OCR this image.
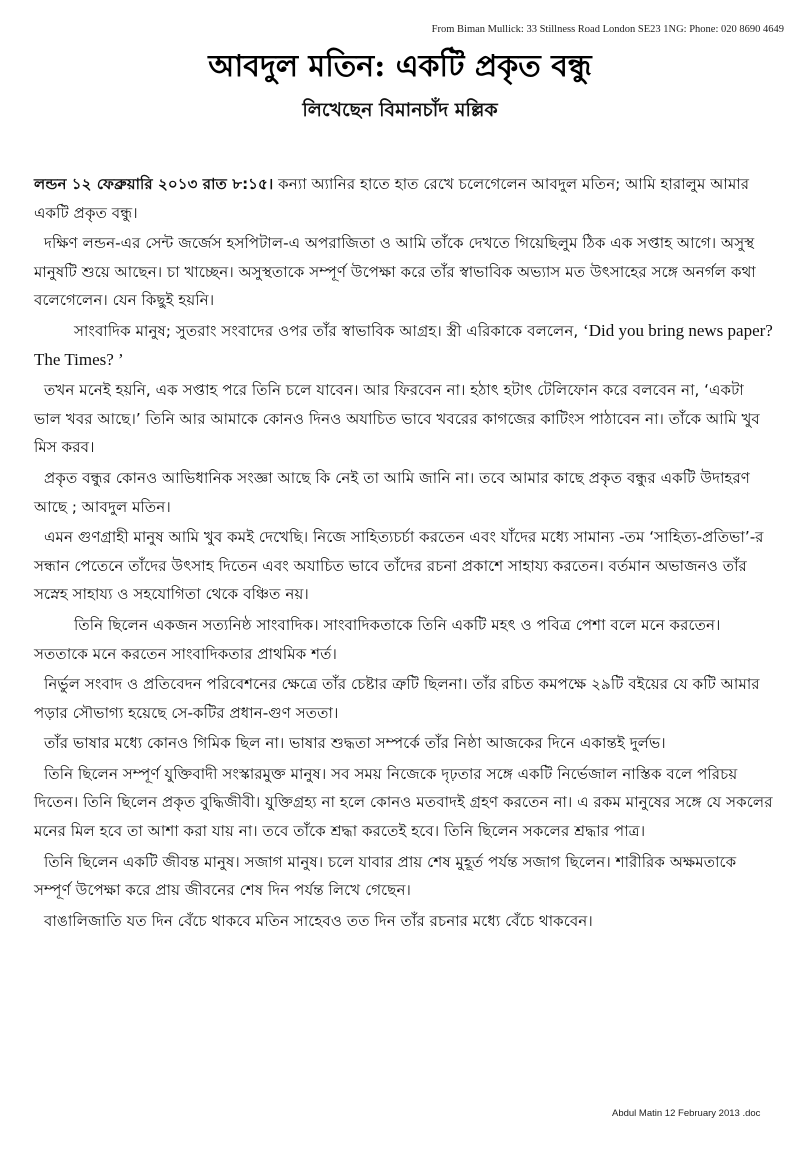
From Biman Mullick: 33 Stillness Road London SE23 1NG: Phone: 020 8690 4649
আবদুল মতিন: একটি প্রকৃত বন্ধু
লিখেছেন বিমানচাঁদ মল্লিক

লন্ডন ১২ ফেব্রুয়ারি ২০১৩ রাত ৮:১৫। কন্যা অ্যানির হাতে হাত রেখে চলেগেলেন আবদুল মতিন; আমি হারালুম আমার একটি প্রকৃত বন্ধু।

দক্ষিণ লন্ডন-এর সেন্ট জর্জেস হসপিটাল-এ অপরাজিতা ও আমি তাঁকে দেখতে গিয়েছিলুম ঠিক এক সপ্তাহ আগে। অসুস্থ মানুষটি শুয়ে আছেন। চা খাচ্ছেন। অসুস্থতাকে সম্পূর্ণ উপেক্ষা করে তাঁর স্বাভাবিক অভ্যাস মত উৎসাহের সঙ্গে অনর্গল কথা বলেগেলেন। যেন কিছুই হয়নি।

সাংবাদিক মানুষ; সুতরাং সংবাদের ওপর তাঁর স্বাভাবিক আগ্রহ। স্ত্রী এরিকাকে বললেন, ‘Did you bring news paper? The Times? ’

তখন মনেই হয়নি, এক সপ্তাহ পরে তিনি চলে যাবেন। আর ফিরবেন না। হঠাৎ হটাৎ টেলিফোন করে বলবেন না, ‘একটা ভাল খবর আছে।’ তিনি আর আমাকে কোনও দিনও অযাচিত ভাবে খবরের কাগজের কাটিংস পাঠাবেন না। তাঁকে আমি খুব মিস করব।

প্রকৃত বন্ধুর কোনও আভিধানিক সংজ্ঞা আছে কি নেই তা আমি জানি না। তবে আমার কাছে প্রকৃত বন্ধুর একটি উদাহরণ আছে ; আবদুল মতিন।

এমন গুণগ্রাহী মানুষ আমি খুব কমই দেখেছি। নিজে সাহিত্যচর্চা করতেন এবং যাঁদের মধ্যে সামান্য -তম ‘সাহিত্য-প্রতিভা’-র সন্ধান পেতেনে তাঁদের উৎসাহ দিতেন এবং অযাচিত ভাবে তাঁদের রচনা প্রকাশে সাহায্য করতেন। বর্তমান অভাজনও তাঁর সস্নেহ সাহায্য ও সহযোগিতা থেকে বঞ্চিত নয়।

তিনি ছিলেন একজন সত্যনিষ্ঠ সাংবাদিক। সাংবাদিকতাকে তিনি একটি মহৎ ও পবিত্র পেশা বলে মনে করতেন। সততাকে মনে করতেন সাংবাদিকতার প্রাথমিক শর্ত।

নির্ভুল সংবাদ ও প্রতিবেদন পরিবেশনের ক্ষেত্রে তাঁর চেষ্টার ত্রুটি ছিলনা। তাঁর রচিত কমপক্ষে ২৯টি বইয়ের যে কটি আমার পড়ার সৌভাগ্য হয়েছে সে-কটির প্রধান-গুণ সততা।

তাঁর ভাষার মধ্যে কোনও গিমিক ছিল না। ভাষার শুদ্ধতা সম্পর্কে তাঁর নিষ্ঠা আজকের দিনে একান্তই দুর্লভ।

তিনি ছিলেন সম্পূর্ণ যুক্তিবাদী সংস্কারমুক্ত মানুষ। সব সময় নিজেকে দৃঢ়তার সঙ্গে একটি নির্ভেজাল নাস্তিক বলে পরিচয় দিতেন। তিনি ছিলেন প্রকৃত বুদ্ধিজীবী। যুক্তিগ্রহ্য না হলে কোনও মতবাদই গ্রহণ করতেন না। এ রকম মানুষের সঙ্গে যে সকলের মনের মিল হবে তা আশা করা যায় না। তবে তাঁকে শ্রদ্ধা করতেই হবে। তিনি ছিলেন সকলের শ্রদ্ধার পাত্র।

তিনি ছিলেন একটি জীবন্ত মানুষ। সজাগ মানুষ। চলে যাবার প্রায় শেষ মুহূর্ত পর্যন্ত সজাগ ছিলেন। শারীরিক অক্ষমতাকে সম্পূর্ণ উপেক্ষা করে প্রায় জীবনের শেষ দিন পর্যন্ত লিখে গেছেন।

বাঙালিজাতি যত দিন বেঁচে থাকবে মতিন সাহেবও তত দিন তাঁর রচনার মধ্যে বেঁচে থাকবেন।

Abdul Matin 12 February 2013 .doc
